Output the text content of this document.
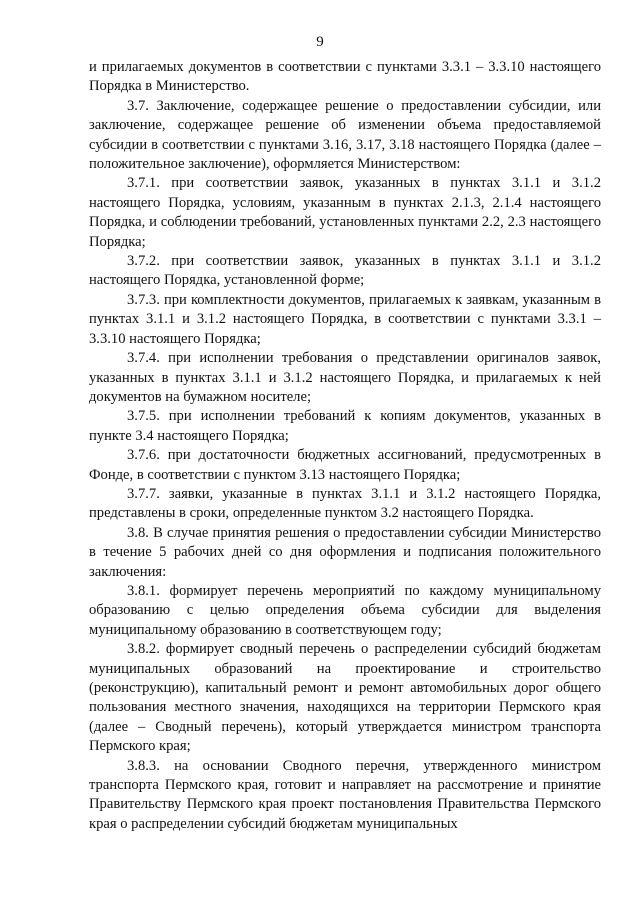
9

и прилагаемых документов в соответствии с пунктами 3.3.1 – 3.3.10 настоящего Порядка в Министерство.

3.7. Заключение, содержащее решение о предоставлении субсидии, или заключение, содержащее решение об изменении объема предоставляемой субсидии в соответствии с пунктами 3.16, 3.17, 3.18 настоящего Порядка (далее – положительное заключение), оформляется Министерством:

3.7.1. при соответствии заявок, указанных в пунктах 3.1.1 и 3.1.2 настоящего Порядка, условиям, указанным в пунктах 2.1.3, 2.1.4 настоящего Порядка, и соблюдении требований, установленных пунктами 2.2, 2.3 настоящего Порядка;

3.7.2. при соответствии заявок, указанных в пунктах 3.1.1 и 3.1.2 настоящего Порядка, установленной форме;

3.7.3. при комплектности документов, прилагаемых к заявкам, указанным в пунктах 3.1.1 и 3.1.2 настоящего Порядка, в соответствии с пунктами 3.3.1 – 3.3.10 настоящего Порядка;

3.7.4. при исполнении требования о представлении оригиналов заявок, указанных в пунктах 3.1.1 и 3.1.2 настоящего Порядка, и прилагаемых к ней документов на бумажном носителе;

3.7.5. при исполнении требований к копиям документов, указанных в пункте 3.4 настоящего Порядка;

3.7.6. при достаточности бюджетных ассигнований, предусмотренных в Фонде, в соответствии с пунктом 3.13 настоящего Порядка;

3.7.7. заявки, указанные в пунктах 3.1.1 и 3.1.2 настоящего Порядка, представлены в сроки, определенные пунктом 3.2 настоящего Порядка.

3.8. В случае принятия решения о предоставлении субсидии Министерство в течение 5 рабочих дней со дня оформления и подписания положительного заключения:

3.8.1. формирует перечень мероприятий по каждому муниципальному образованию с целью определения объема субсидии для выделения муниципальному образованию в соответствующем году;

3.8.2. формирует сводный перечень о распределении субсидий бюджетам муниципальных образований на проектирование и строительство (реконструкцию), капитальный ремонт и ремонт автомобильных дорог общего пользования местного значения, находящихся на территории Пермского края (далее – Сводный перечень), который утверждается министром транспорта Пермского края;

3.8.3. на основании Сводного перечня, утвержденного министром транспорта Пермского края, готовит и направляет на рассмотрение и принятие Правительству Пермского края проект постановления Правительства Пермского края о распределении субсидий бюджетам муниципальных
